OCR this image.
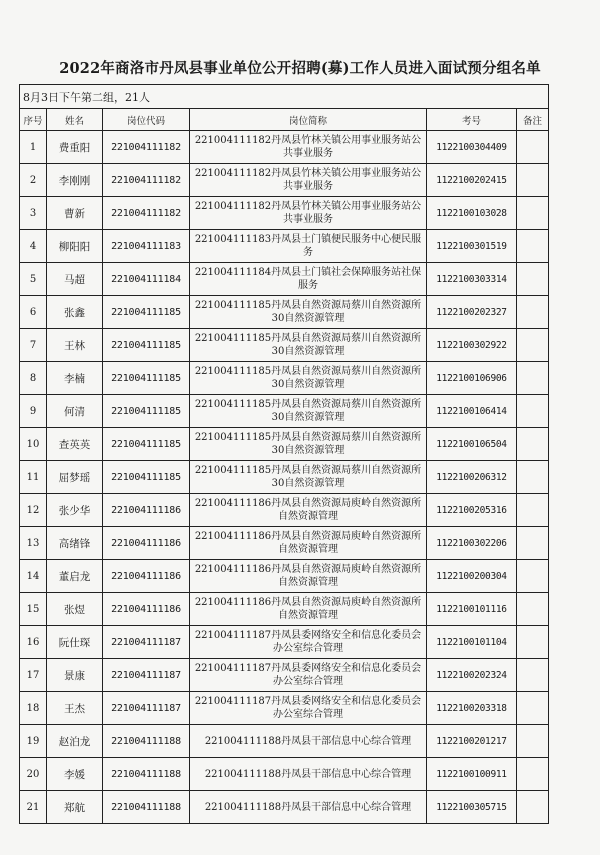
2022年商洛市丹凤县事业单位公开招聘(募)工作人员进入面试预分组名单
8月3日下午第二组，21人					
序号	姓名	岗位代码	岗位简称	考号	备注
1	费重阳	221004111182	221004111182丹凤县竹林关镇公用事业服务站公共事业服务	1122100304409	
2	李刚刚	221004111182	221004111182丹凤县竹林关镇公用事业服务站公共事业服务	1122100202415	
3	曹新	221004111182	221004111182丹凤县竹林关镇公用事业服务站公共事业服务	1122100103028	
4	柳阳阳	221004111183	221004111183丹凤县土门镇便民服务中心便民服务	1122100301519	
5	马超	221004111184	221004111184丹凤县土门镇社会保障服务站社保服务	1122100303314	
6	张鑫	221004111185	221004111185丹凤县自然资源局蔡川自然资源所30自然资源管理	1122100202327	
7	王林	221004111185	221004111185丹凤县自然资源局蔡川自然资源所30自然资源管理	1122100302922	
8	李楠	221004111185	221004111185丹凤县自然资源局蔡川自然资源所30自然资源管理	1122100106906	
9	何清	221004111185	221004111185丹凤县自然资源局蔡川自然资源所30自然资源管理	1122100106414	
10	查英英	221004111185	221004111185丹凤县自然资源局蔡川自然资源所30自然资源管理	1122100106504	
11	屈梦瑶	221004111185	221004111185丹凤县自然资源局蔡川自然资源所30自然资源管理	1122100206312	
12	张少华	221004111186	221004111186丹凤县自然资源局庾岭自然资源所自然资源管理	1122100205316	
13	高绪锋	221004111186	221004111186丹凤县自然资源局庾岭自然资源所自然资源管理	1122100302206	
14	董启龙	221004111186	221004111186丹凤县自然资源局庾岭自然资源所自然资源管理	1122100200304	
15	张煜	221004111186	221004111186丹凤县自然资源局庾岭自然资源所自然资源管理	1122100101116	
16	阮仕琛	221004111187	221004111187丹凤县委网络安全和信息化委员会办公室综合管理	1122100101104	
17	景康	221004111187	221004111187丹凤县委网络安全和信息化委员会办公室综合管理	1122100202324	
18	王杰	221004111187	221004111187丹凤县委网络安全和信息化委员会办公室综合管理	1122100203318	
19	赵泊龙	221004111188	221004111188丹凤县干部信息中心综合管理	1122100201217	
20	李媛	221004111188	221004111188丹凤县干部信息中心综合管理	1122100100911	
21	郑航	221004111188	221004111188丹凤县干部信息中心综合管理	1122100305715	
